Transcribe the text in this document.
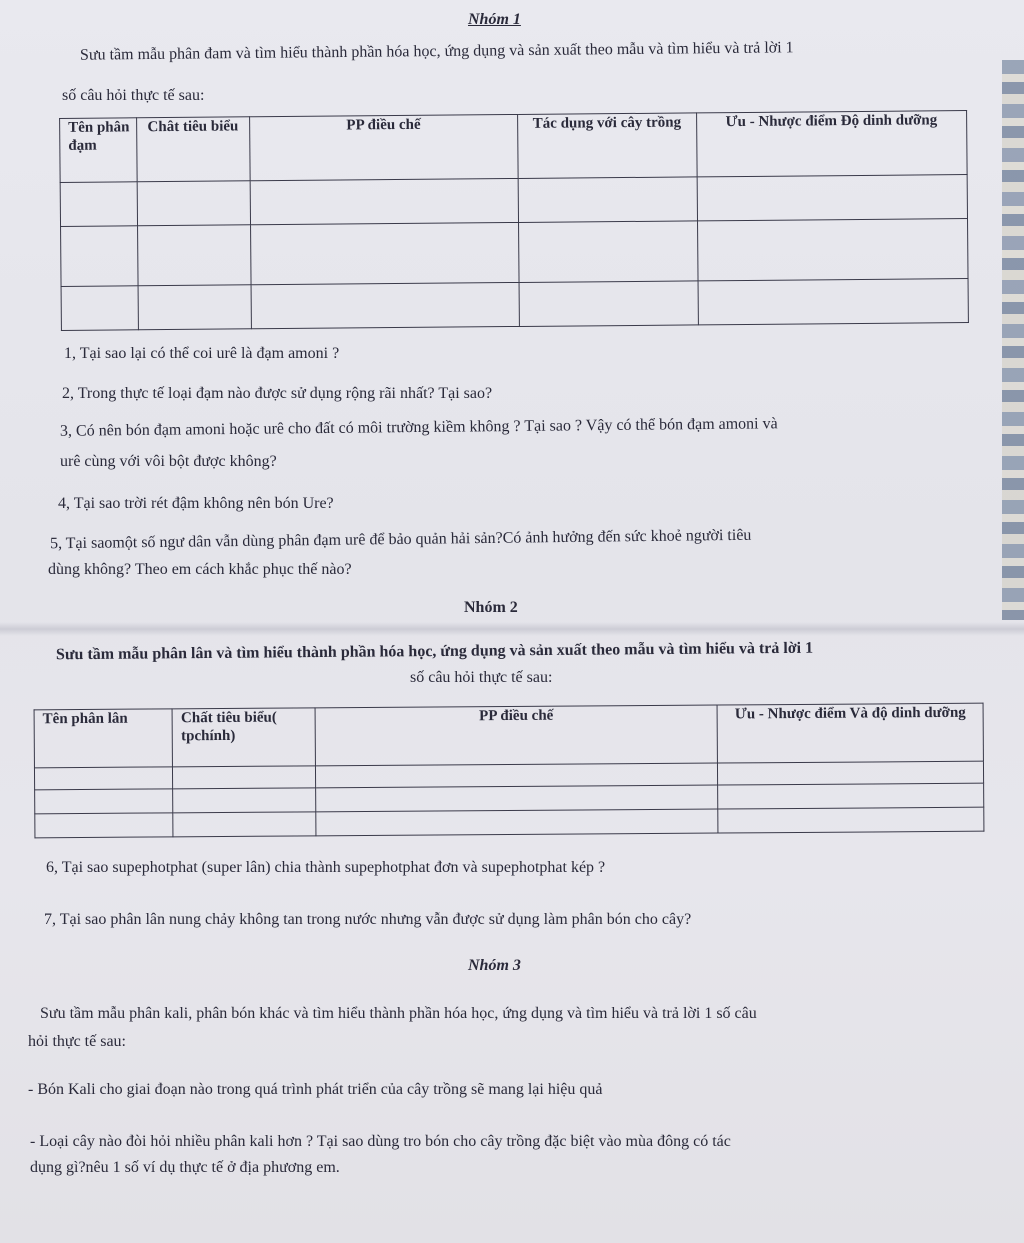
Nhóm 1
Sưu tầm mẫu phân đam và tìm hiểu thành phần hóa học, ứng dụng và sản xuất theo mẫu và tìm hiểu và trả lời 1
số câu hỏi thực tế sau:
Tên phân đạm	Chât tiêu biểu	PP điều chế	Tác dụng với cây trồng	Ưu - Nhược điểm Độ dinh dưỡng

1, Tại sao lại có thể coi urê là đạm amoni ?
2, Trong thực tế loại đạm nào được sử dụng rộng rãi nhất? Tại sao?
3, Có nên bón đạm amoni hoặc urê cho đất có môi trường kiềm không ? Tại sao ? Vậy có thể bón đạm amoni và
urê cùng với vôi bột được không?
4, Tại sao trời rét đậm không nên bón Ure?
5, Tại saomột số ngư dân vẫn dùng phân đạm urê để bảo quản hải sản?Có ảnh hưởng đến sức khoẻ người tiêu
dùng không? Theo em cách khắc phục thế nào?
Nhóm 2
Sưu tầm mẫu phân lân và tìm hiểu thành phần hóa học, ứng dụng và sản xuất theo mẫu và tìm hiểu và trả lời 1
số câu hỏi thực tế sau:
Tên phân lân	Chất tiêu biểu( tpchính)	PP điều chế	Ưu - Nhược điểm Và độ dinh dưỡng

6, Tại sao supephotphat (super lân) chia thành supephotphat đơn và supephotphat kép ?
7, Tại sao phân lân nung chảy không tan trong nước nhưng vẫn được sử dụng làm phân bón cho cây?
Nhóm 3
Sưu tầm mẫu phân kali, phân bón khác và tìm hiểu thành phần hóa học, ứng dụng và tìm hiểu và trả lời 1 số câu
hỏi thực tế sau:
- Bón Kali cho giai đoạn nào trong quá trình phát triển của cây trồng sẽ mang lại hiệu quả
- Loại cây nào đòi hỏi nhiều phân kali hơn ? Tại sao dùng tro bón cho cây trồng đặc biệt vào mùa đông có tác
dụng gì?nêu 1 số ví dụ thực tế ở địa phương em.
